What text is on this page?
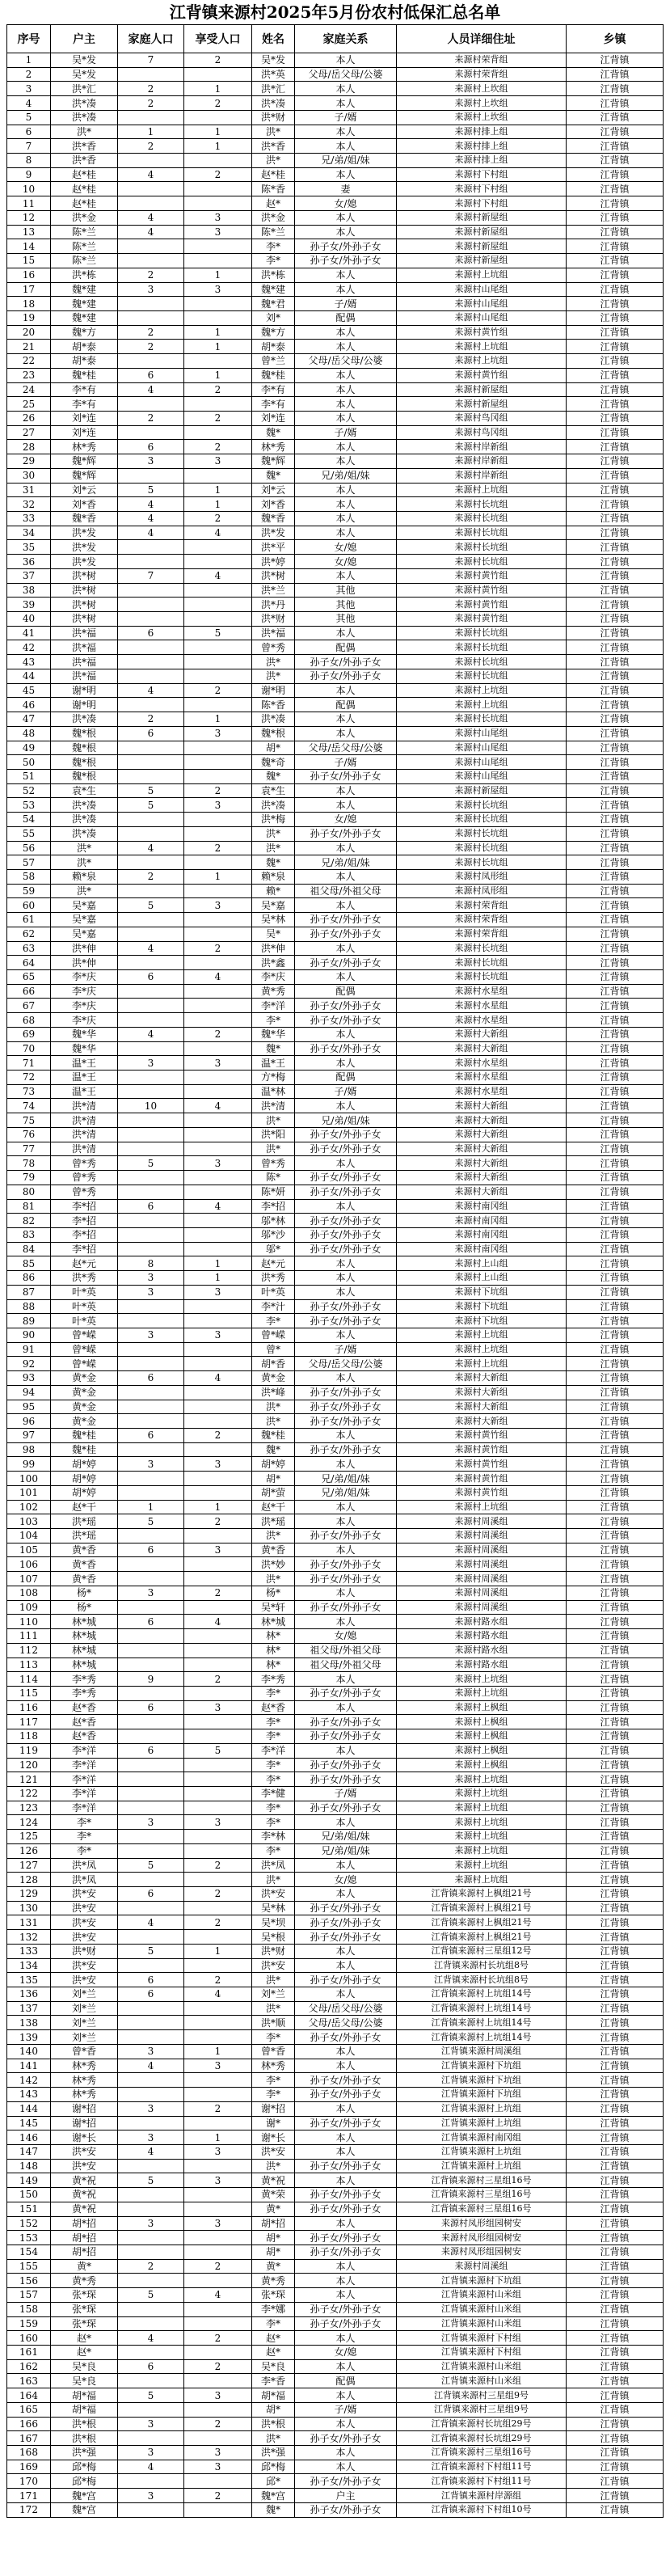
江背镇来源村2025年5月份农村低保汇总名单
序号	户主	家庭人口	享受人口	姓名	家庭关系	人员详细住址	乡镇
1	吴*发	7	2	吴*发	本人	来源村荣背组	江背镇
2	吴*发			洪*英	父母/岳父母/公婆	来源村荣背组	江背镇
3	洪*汇	2	1	洪*汇	本人	来源村上坎组	江背镇
4	洪*凑	2	2	洪*凑	本人	来源村上坎组	江背镇
5	洪*凑			洪*财	子/婿	来源村上坎组	江背镇
6	洪*	1	1	洪*	本人	来源村排上组	江背镇
7	洪*香	2	1	洪*香	本人	来源村排上组	江背镇
8	洪*香			洪*	兄/弟/姐/妹	来源村排上组	江背镇
9	赵*桂	4	2	赵*桂	本人	来源村下村组	江背镇
10	赵*桂			陈*香	妻	来源村下村组	江背镇
11	赵*桂			赵*	女/媳	来源村下村组	江背镇
12	洪*金	4	3	洪*金	本人	来源村新屋组	江背镇
13	陈*兰	4	3	陈*兰	本人	来源村新屋组	江背镇
14	陈*兰			李*	孙子女/外孙子女	来源村新屋组	江背镇
15	陈*兰			李*	孙子女/外孙子女	来源村新屋组	江背镇
16	洪*栋	2	1	洪*栋	本人	来源村上坑组	江背镇
17	魏*建	3	3	魏*建	本人	来源村山尾组	江背镇
18	魏*建			魏*君	子/婿	来源村山尾组	江背镇
19	魏*建			刘*	配偶	来源村山尾组	江背镇
20	魏*方	2	1	魏*方	本人	来源村黄竹组	江背镇
21	胡*泰	2	1	胡*泰	本人	来源村上坑组	江背镇
22	胡*泰			曾*兰	父母/岳父母/公婆	来源村上坑组	江背镇
23	魏*桂	6	1	魏*桂	本人	来源村黄竹组	江背镇
24	李*有	4	2	李*有	本人	来源村新屋组	江背镇
25	李*有			李*有	本人	来源村新屋组	江背镇
26	刘*连	2	2	刘*连	本人	来源村鸟冈组	江背镇
27	刘*连			魏*	子/婿	来源村鸟冈组	江背镇
28	林*秀	6	2	林*秀	本人	来源村岸新组	江背镇
29	魏*辉	3	3	魏*辉	本人	来源村岸新组	江背镇
30	魏*辉			魏*	兄/弟/姐/妹	来源村岸新组	江背镇
31	刘*云	5	1	刘*云	本人	来源村上坑组	江背镇
32	刘*香	4	1	刘*香	本人	来源村长坑组	江背镇
33	魏*香	4	2	魏*香	本人	来源村长坑组	江背镇
34	洪*发	4	4	洪*发	本人	来源村长坑组	江背镇
35	洪*发			洪*平	女/媳	来源村长坑组	江背镇
36	洪*发			洪*婷	女/媳	来源村长坑组	江背镇
37	洪*树	7	4	洪*树	本人	来源村黄竹组	江背镇
38	洪*树			洪*兰	其他	来源村黄竹组	江背镇
39	洪*树			洪*丹	其他	来源村黄竹组	江背镇
40	洪*树			洪*财	其他	来源村黄竹组	江背镇
41	洪*福	6	5	洪*福	本人	来源村长坑组	江背镇
42	洪*福			曾*秀	配偶	来源村长坑组	江背镇
43	洪*福			洪*	孙子女/外孙子女	来源村长坑组	江背镇
44	洪*福			洪*	孙子女/外孙子女	来源村长坑组	江背镇
45	谢*明	4	2	谢*明	本人	来源村上坑组	江背镇
46	谢*明			陈*香	配偶	来源村上坑组	江背镇
47	洪*凑	2	1	洪*凑	本人	来源村长坑组	江背镇
48	魏*根	6	3	魏*根	本人	来源村山尾组	江背镇
49	魏*根			胡*	父母/岳父母/公婆	来源村山尾组	江背镇
50	魏*根			魏*奇	子/婿	来源村山尾组	江背镇
51	魏*根			魏*	孙子女/外孙子女	来源村山尾组	江背镇
52	袁*生	5	2	袁*生	本人	来源村新屋组	江背镇
53	洪*凑	5	3	洪*凑	本人	来源村长坑组	江背镇
54	洪*凑			洪*梅	女/媳	来源村长坑组	江背镇
55	洪*凑			洪*	孙子女/外孙子女	来源村长坑组	江背镇
56	洪*	4	2	洪*	本人	来源村长坑组	江背镇
57	洪*			魏*	兄/弟/姐/妹	来源村长坑组	江背镇
58	赖*泉	2	1	赖*泉	本人	来源村凤形组	江背镇
59	洪*			赖*	祖父母/外祖父母	来源村凤形组	江背镇
60	吴*嘉	5	3	吴*嘉	本人	来源村荣背组	江背镇
61	吴*嘉			吴*林	孙子女/外孙子女	来源村荣背组	江背镇
62	吴*嘉			吴*	孙子女/外孙子女	来源村荣背组	江背镇
63	洪*伸	4	2	洪*伸	本人	来源村长坑组	江背镇
64	洪*伸			洪*鑫	孙子女/外孙子女	来源村长坑组	江背镇
65	李*庆	6	4	李*庆	本人	来源村长坑组	江背镇
66	李*庆			黄*秀	配偶	来源村水星组	江背镇
67	李*庆			李*洋	孙子女/外孙子女	来源村水星组	江背镇
68	李*庆			李*	孙子女/外孙子女	来源村水星组	江背镇
69	魏*华	4	2	魏*华	本人	来源村大新组	江背镇
70	魏*华			魏*	孙子女/外孙子女	来源村大新组	江背镇
71	温*王	3	3	温*王	本人	来源村水星组	江背镇
72	温*王			方*梅	配偶	来源村水星组	江背镇
73	温*王			温*林	子/婿	来源村水星组	江背镇
74	洪*清	10	4	洪*清	本人	来源村大新组	江背镇
75	洪*清			洪*	兄/弟/姐/妹	来源村大新组	江背镇
76	洪*清			洪*阳	孙子女/外孙子女	来源村大新组	江背镇
77	洪*清			洪*	孙子女/外孙子女	来源村大新组	江背镇
78	曾*秀	5	3	曾*秀	本人	来源村大新组	江背镇
79	曾*秀			陈*	孙子女/外孙子女	来源村大新组	江背镇
80	曾*秀			陈*妍	孙子女/外孙子女	来源村大新组	江背镇
81	李*招	6	4	李*招	本人	来源村南冈组	江背镇
82	李*招			邬*林	孙子女/外孙子女	来源村南冈组	江背镇
83	李*招			邬*沙	孙子女/外孙子女	来源村南冈组	江背镇
84	李*招			邬*	孙子女/外孙子女	来源村南冈组	江背镇
85	赵*元	8	1	赵*元	本人	来源村上山组	江背镇
86	洪*秀	3	1	洪*秀	本人	来源村上山组	江背镇
87	叶*英	3	3	叶*英	本人	来源村下坑组	江背镇
88	叶*英			李*汁	孙子女/外孙子女	来源村下坑组	江背镇
89	叶*英			李*	孙子女/外孙子女	来源村下坑组	江背镇
90	曾*嵘	3	3	曾*嵘	本人	来源村上坑组	江背镇
91	曾*嵘			曾*	子/婿	来源村上坑组	江背镇
92	曾*嵘			胡*香	父母/岳父母/公婆	来源村上坑组	江背镇
93	黄*金	6	4	黄*金	本人	来源村大新组	江背镇
94	黄*金			洪*峰	孙子女/外孙子女	来源村大新组	江背镇
95	黄*金			洪*	孙子女/外孙子女	来源村大新组	江背镇
96	黄*金			洪*	孙子女/外孙子女	来源村大新组	江背镇
97	魏*桂	6	2	魏*桂	本人	来源村黄竹组	江背镇
98	魏*桂			魏*	孙子女/外孙子女	来源村黄竹组	江背镇
99	胡*婷	3	3	胡*婷	本人	来源村黄竹组	江背镇
100	胡*婷			胡*	兄/弟/姐/妹	来源村黄竹组	江背镇
101	胡*婷			胡*萤	兄/弟/姐/妹	来源村黄竹组	江背镇
102	赵*干	1	1	赵*干	本人	来源村上坑组	江背镇
103	洪*瑶	5	2	洪*瑶	本人	来源村周溪组	江背镇
104	洪*瑶			洪*	孙子女/外孙子女	来源村周溪组	江背镇
105	黄*香	6	3	黄*香	本人	来源村周溪组	江背镇
106	黄*香			洪*妙	孙子女/外孙子女	来源村周溪组	江背镇
107	黄*香			洪*	孙子女/外孙子女	来源村周溪组	江背镇
108	杨*	3	2	杨*	本人	来源村周溪组	江背镇
109	杨*			吴*轩	孙子女/外孙子女	来源村周溪组	江背镇
110	林*城	6	4	林*城	本人	来源村路水组	江背镇
111	林*城			林*	女/媳	来源村路水组	江背镇
112	林*城			林*	祖父母/外祖父母	来源村路水组	江背镇
113	林*城			林*	祖父母/外祖父母	来源村路水组	江背镇
114	李*秀	9	2	李*秀	本人	来源村上坑组	江背镇
115	李*秀			李*	孙子女/外孙子女	来源村上坑组	江背镇
116	赵*香	6	3	赵*香	本人	来源村上枫组	江背镇
117	赵*香			李*	孙子女/外孙子女	来源村上枫组	江背镇
118	赵*香			李*	孙子女/外孙子女	来源村上枫组	江背镇
119	李*洋	6	5	李*洋	本人	来源村上枫组	江背镇
120	李*洋			李*	孙子女/外孙子女	来源村上枫组	江背镇
121	李*洋			李*	孙子女/外孙子女	来源村上坑组	江背镇
122	李*洋			李*健	子/婿	来源村上坑组	江背镇
123	李*洋			李*	孙子女/外孙子女	来源村上坑组	江背镇
124	李*	3	3	李*	本人	来源村上坑组	江背镇
125	李*			李*林	兄/弟/姐/妹	来源村上坑组	江背镇
126	李*			李*	兄/弟/姐/妹	来源村上坑组	江背镇
127	洪*凤	5	2	洪*凤	本人	来源村上坑组	江背镇
128	洪*凤			洪*	女/媳	来源村上坑组	江背镇
129	洪*安	6	2	洪*安	本人	江背镇来源村上枫组21号	江背镇
130	洪*安			吴*林	孙子女/外孙子女	江背镇来源村上枫组21号	江背镇
131	洪*安	4	2	吴*坝	孙子女/外孙子女	江背镇来源村上枫组21号	江背镇
132	洪*安			吴*根	孙子女/外孙子女	江背镇来源村上枫组21号	江背镇
133	洪*财	5	1	洪*财	本人	江背镇来源村三星组12号	江背镇
134	洪*安			洪*安	本人	江背镇来源村长坑组8号	江背镇
135	洪*安	6	2	洪*	孙子女/外孙子女	江背镇来源村长坑组8号	江背镇
136	刘*兰	6	4	刘*兰	本人	江背镇来源村上坑组14号	江背镇
137	刘*兰			洪*	父母/岳父母/公婆	江背镇来源村上坑组14号	江背镇
138	刘*兰			洪*顺	父母/岳父母/公婆	江背镇来源村上坑组14号	江背镇
139	刘*兰			李*	孙子女/外孙子女	江背镇来源村上坑组14号	江背镇
140	曾*香	3	1	曾*香	本人	江背镇来源村周溪组	江背镇
141	林*秀	4	3	林*秀	本人	江背镇来源村下坑组	江背镇
142	林*秀			李*	孙子女/外孙子女	江背镇来源村下坑组	江背镇
143	林*秀			李*	孙子女/外孙子女	江背镇来源村下坑组	江背镇
144	谢*招	3	2	谢*招	本人	江背镇来源村上坑组	江背镇
145	谢*招			谢*	孙子女/外孙子女	江背镇来源村上坑组	江背镇
146	谢*长	3	1	谢*长	本人	江背镇来源村南冈组	江背镇
147	洪*安	4	3	洪*安	本人	江背镇来源村上坑组	江背镇
148	洪*安			洪*	孙子女/外孙子女	江背镇来源村上坑组	江背镇
149	黄*祝	5	3	黄*祝	本人	江背镇来源村三星组16号	江背镇
150	黄*祝			黄*荣	孙子女/外孙子女	江背镇来源村三星组16号	江背镇
151	黄*祝			黄*	孙子女/外孙子女	江背镇来源村三星组16号	江背镇
152	胡*招	3	3	胡*招	本人	来源村凤形组园树安	江背镇
153	胡*招			胡*	孙子女/外孙子女	来源村凤形组园树安	江背镇
154	胡*招			胡*	孙子女/外孙子女	来源村凤形组园树安	江背镇
155	黄*	2	2	黄*	本人	来源村周溪组	江背镇
156	黄*秀			黄*秀	本人	江背镇来源村下坑组	江背镇
157	张*琛	5	4	张*琛	本人	江背镇来源村山米组	江背镇
158	张*琛			李*娜	孙子女/外孙子女	江背镇来源村山米组	江背镇
159	张*琛			李*	孙子女/外孙子女	江背镇来源村山米组	江背镇
160	赵*	4	2	赵*	本人	江背镇来源村下村组	江背镇
161	赵*			赵*	女/媳	江背镇来源村下村组	江背镇
162	吴*良	6	2	吴*良	本人	江背镇来源村山米组	江背镇
163	吴*良			李*香	配偶	江背镇来源村山米组	江背镇
164	胡*福	5	3	胡*福	本人	江背镇来源村三星组9号	江背镇
165	胡*福			胡*	子/婿	江背镇来源村三星组9号	江背镇
166	洪*根	3	2	洪*根	本人	江背镇来源村长坑组29号	江背镇
167	洪*根			洪*	孙子女/外孙子女	江背镇来源村长坑组29号	江背镇
168	洪*强	3	3	洪*强	本人	江背镇来源村三星组16号	江背镇
169	邱*梅	4	3	邱*梅	本人	江背镇来源村下村组11号	江背镇
170	邱*梅			邱*	孙子女/外孙子女	江背镇来源村下村组11号	江背镇
171	魏*宫	3	2	魏*宫	户主	江背镇来源村岸源组	江背镇
172	魏*宫			魏*	孙子女/外孙子女	江背镇来源村下村组10号	江背镇
